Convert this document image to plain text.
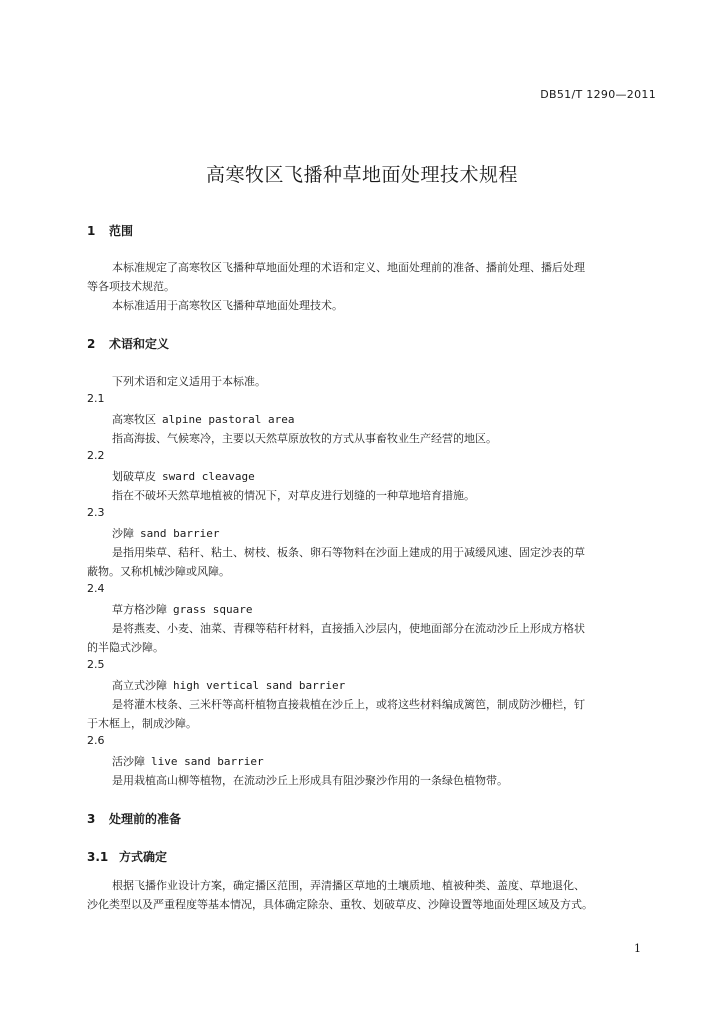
DB51/T 1290—2011
高寒牧区飞播种草地面处理技术规程
1 范围
本标准规定了高寒牧区飞播种草地面处理的术语和定义、地面处理前的准备、播前处理、播后处理
等各项技术规范。
本标准适用于高寒牧区飞播种草地面处理技术。
2 术语和定义
下列术语和定义适用于本标准。
2.1
高寒牧区 alpine pastoral area
指高海拔、气候寒冷，主要以天然草原放牧的方式从事畜牧业生产经营的地区。
2.2
划破草皮 sward cleavage
指在不破坏天然草地植被的情况下，对草皮进行划缝的一种草地培育措施。
2.3
沙障 sand barrier
是指用柴草、秸秆、粘土、树枝、板条、卵石等物料在沙面上建成的用于减缓风速、固定沙表的草
蔽物。又称机械沙障或风障。
2.4
草方格沙障 grass square
是将燕麦、小麦、油菜、青稞等秸秆材料，直接插入沙层内，使地面部分在流动沙丘上形成方格状
的半隐式沙障。
2.5
高立式沙障 high vertical sand barrier
是将灌木枝条、三米杆等高杆植物直接栽植在沙丘上，或将这些材料编成篱笆，制成防沙栅栏，钉
于木框上，制成沙障。
2.6
活沙障 live sand barrier
是用栽植高山柳等植物，在流动沙丘上形成具有阻沙聚沙作用的一条绿色植物带。
3 处理前的准备
3.1 方式确定
根据飞播作业设计方案，确定播区范围，弄清播区草地的土壤质地、植被种类、盖度、草地退化、
沙化类型以及严重程度等基本情况，具体确定除杂、重牧、划破草皮、沙障设置等地面处理区域及方式。
1
